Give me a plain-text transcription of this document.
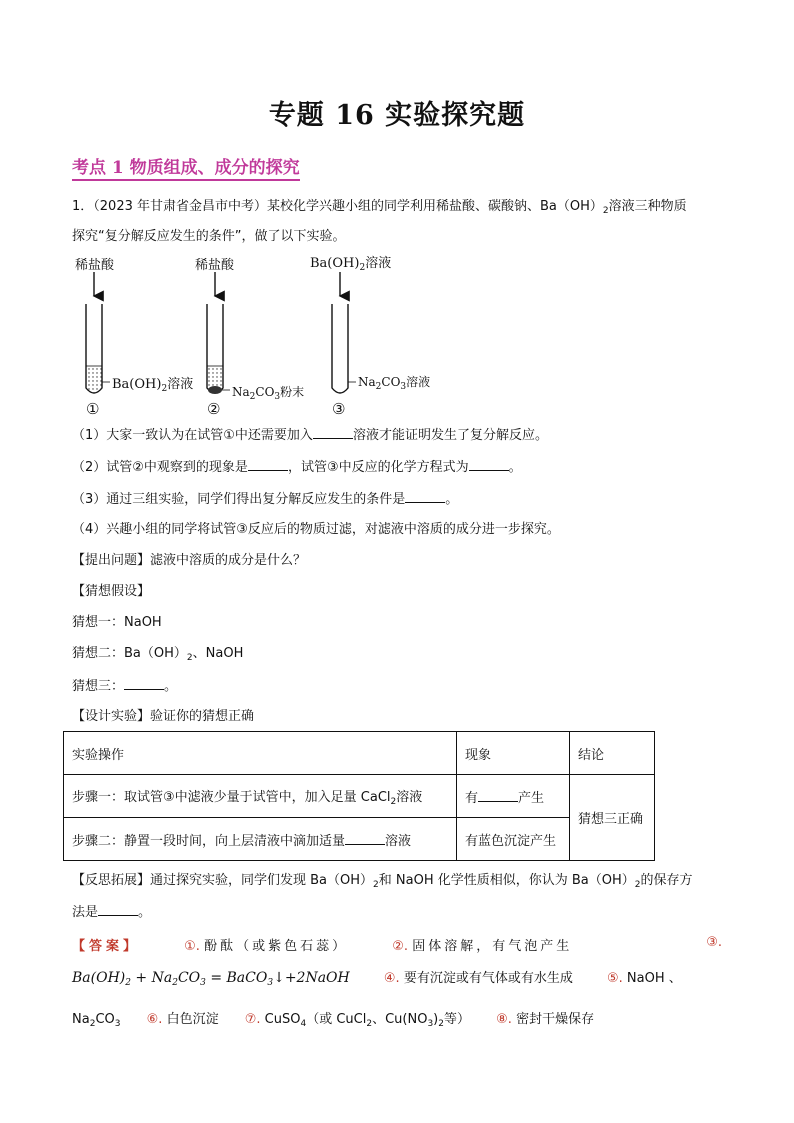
专题 16 实验探究题
考点 1 物质组成、成分的探究
1．（2023 年甘肃省金昌市中考）某校化学兴趣小组的同学利用稀盐酸、碳酸钠、$Ba(OH)_2$溶液三种物质
探究“复分解反应发生的条件”，做了以下实验。
稀盐酸	稀盐酸	$Ba(OH)_2$溶液
$Ba(OH)_2$溶液	$Na_2CO_3$粉末
$Na_2CO_3$溶液
①	②	③
（1）大家一致认为在试管①中还需要加入	溶液才能证明发生了复分解反应。
（2）试管②中观察到的现象是	，试管③中反应的化学方程式为	。
（3）通过三组实验，同学们得出复分解反应发生的条件是	。
（4）兴趣小组的同学将试管③反应后的物质过滤，对滤液中溶质的成分进一步探究。
【提出问题】滤液中溶质的成分是什么？
【猜想假设】
猜想一：NaOH
猜想二：$Ba(OH)_2$、NaOH
猜想三：	。
【设计实验】验证你的猜想正确
实验操作	现象	结论
步骤一：取试管③中滤液少量于试管中，加入足量 CaCl$_2$溶液	有 产生	猜想三正确
步骤二：静置一段时间，向上层清液中滴加适量 溶液	有蓝色沉淀产生	
【反思拓展】通过探究实验，同学们发现 $Ba(OH)_2$和 NaOH 化学性质相似，你认为 $Ba(OH)_2$的保存方
法是	。
【答案】	①. 酚酞（或紫色石蕊）	②. 固体溶解，有气泡产生	③.
$Ba(OH)_2 + Na_2CO_3$ = BaCO$_3$↓+2NaOH	④. 要有沉淀或有气体或有水生成	⑤. NaOH 、
$Na_2CO_3$ ⑥. 白色沉淀 ⑦. CuSO$_4$（或 CuCl$_2$、$Cu(NO_3)_2$等） ⑧. 密封干燥保存
